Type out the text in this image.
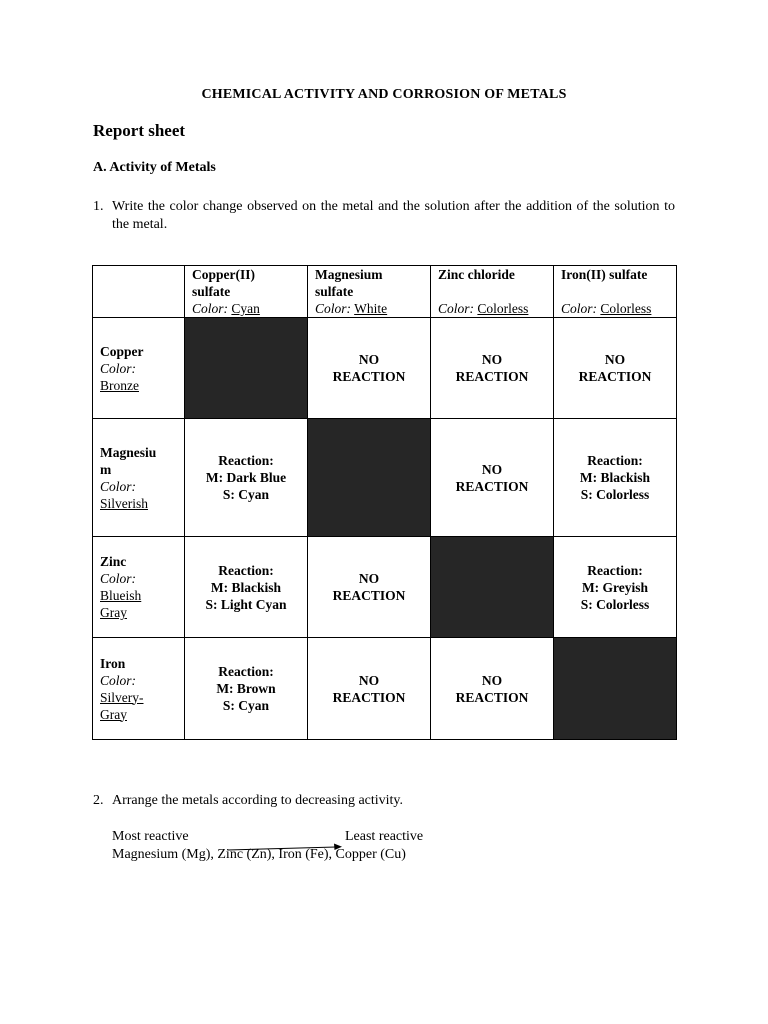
CHEMICAL ACTIVITY AND CORROSION OF METALS
Report sheet
A. Activity of Metals
1. Write the color change observed on the metal and the solution after the addition of the solution to the metal.

	Copper(II)
sulfate
Color: Cyan	Magnesium
sulfate
Color: White	Zinc chloride
Color: Colorless	Iron(II) sulfate
Color: Colorless

Copper
Color:
Bronze		NO
REACTION	NO
REACTION	NO
REACTION
Magnesiu
m
Color:
Silverish	Reaction:
M: Dark Blue
S: Cyan		NO
REACTION	Reaction:
M: Blackish
S: Colorless
Zinc
Color:
Blueish
Gray	Reaction:
M: Blackish
S: Light Cyan	NO
REACTION		Reaction:
M: Greyish
S: Colorless
Iron
Color:
Silvery-
Gray	Reaction:
M: Brown
S: Cyan	NO
REACTION	NO
REACTION	
2. Arrange the metals according to decreasing activity.
Most reactive	Least reactive
Magnesium (Mg), Zinc (Zn), Iron (Fe), Copper (Cu)
